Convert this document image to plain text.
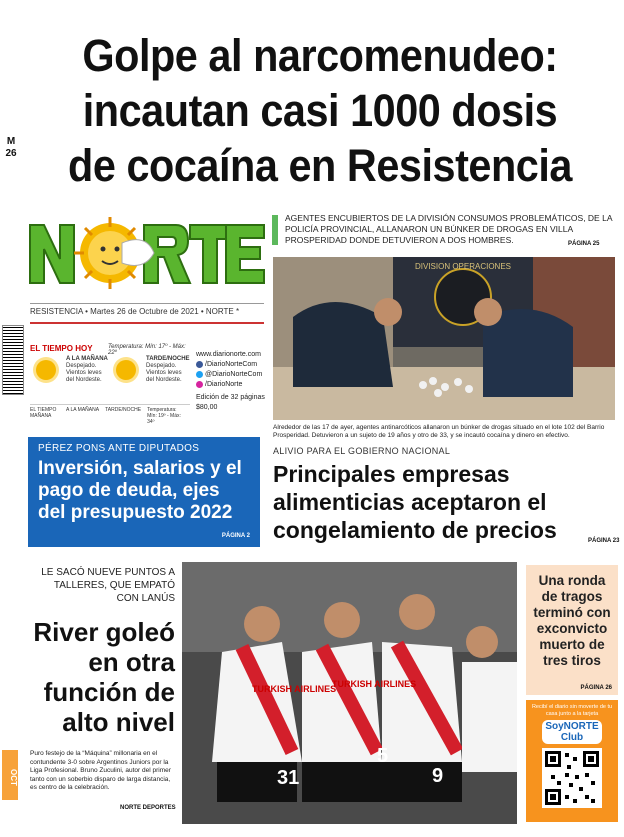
Golpe al narcomenudeo:
incautan casi 1000 dosis
de cocaína en Resistencia
M
26
RESISTENCIA • Martes 26 de Octubre de 2021 • NORTE *
EL TIEMPO HOY	Temperatura: Mín: 17º - Máx: 22º
A LA MAÑANA
Despejado. Vientos leves del Nordeste.
TARDE/NOCHE
Despejado. Vientos leves del Nordeste.
EL TIEMPO MAÑANA
A LA MAÑANA TARDE/NOCHE Temperatura: Mín: 19º - Máx: 34º
www.diarionorte.com
/DiarioNorteCom
@DiarioNorteCom
/DiarioNorte
Edición de 32 páginas
$80,00
PÉREZ PONS ANTE DIPUTADOS
Inversión, salarios y el pago de deuda, ejes del presupuesto 2022
PÁGINA 2
AGENTES ENCUBIERTOS DE LA DIVISIÓN CONSUMOS PROBLEMÁTICOS, DE LA POLICÍA PROVINCIAL, ALLANARON UN BÚNKER DE DROGAS EN VILLA PROSPERIDAD DONDE DETUVIERON A DOS HOMBRES.	PÁGINA 25
DIVISION OPERACIONES
Alrededor de las 17 de ayer, agentes antinarcóticos allanaron un búnker de drogas situado en el lote 102 del Barrio Prosperidad. Detuvieron a un sujeto de 19 años y otro de 33, y se incautó cocaína y dinero en efectivo.
ALIVIO PARA EL GOBIERNO NACIONAL
Principales empresas alimenticias aceptaron el congelamiento de precios	PÁGINA 23
LE SACÓ NUEVE PUNTOS A TALLERES, QUE EMPATÓ CON LANÚS
River goleó en otra función de alto nivel
Puro festejo de la “Máquina” millonaria en el contundente 3-0 sobre Argentinos Juniors por la Liga Profesional. Bruno Zuculini, autor del primer tanto con un soberbio disparo de larga distancia, es centro de la celebración.
NORTE DEPORTES
OCT
TURKISH AIRLINES
TURKISH AIRLINES
31
5
9
Una ronda de tragos terminó con exconvicto muerto de tres tiros
PÁGINA 26
Recibí el diario sin moverte de tu casa junto a la tarjeta
SoyNORTE Club
